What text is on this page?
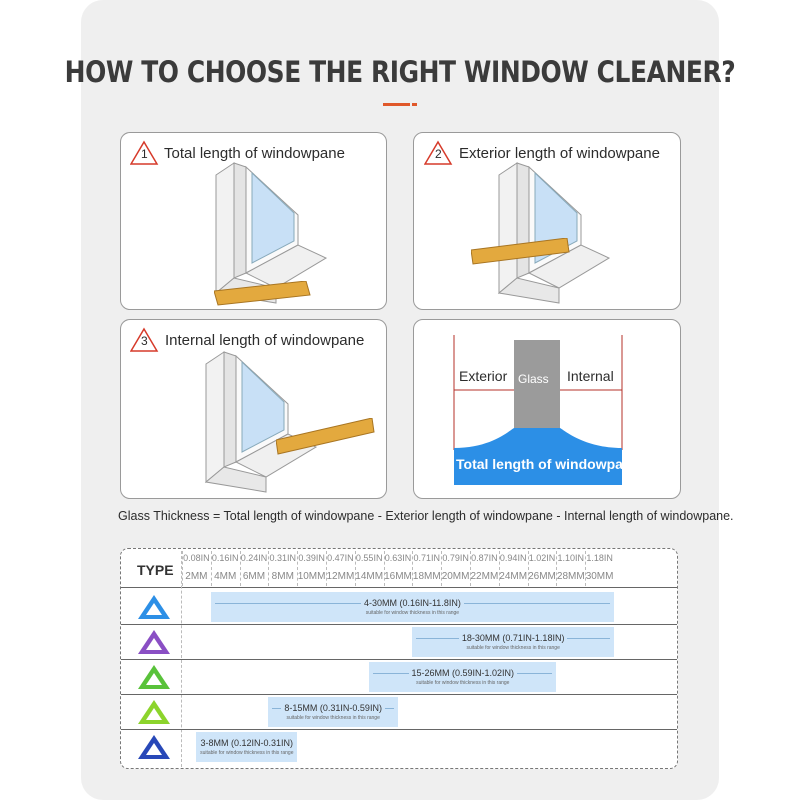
HOW TO CHOOSE THE RIGHT WINDOW CLEANER?
1 Total length of windowpane	2 Exterior length of windowpane
3 Internal length of windowpane
Exterior Glass Internal
Total length of windowpane
Glass Thickness = Total length of windowpane - Exterior length of windowpane - Internal length of windowpane.
TYPE
0.08IN
2MM
0.16IN
4MM
0.24IN
6MM
0.31IN
8MM
0.39IN
10MM
0.47IN
12MM
0.55IN
14MM
0.63IN
16MM
0.71IN
18MM
0.79IN
20MM
0.87IN
22MM
0.94IN
24MM
1.02IN
26MM
1.10IN
28MM
1.18IN
30MM
4-30MM (0.16IN-11.8IN)
suitable for window thickness in this range
18-30MM (0.71IN-1.18IN)
suitable for window thickness in this range
15-26MM (0.59IN-1.02IN)
suitable for window thickness in this range
8-15MM (0.31IN-0.59IN)
suitable for window thickness in this range
3-8MM (0.12IN-0.31IN)
suitable for window thickness in this range
